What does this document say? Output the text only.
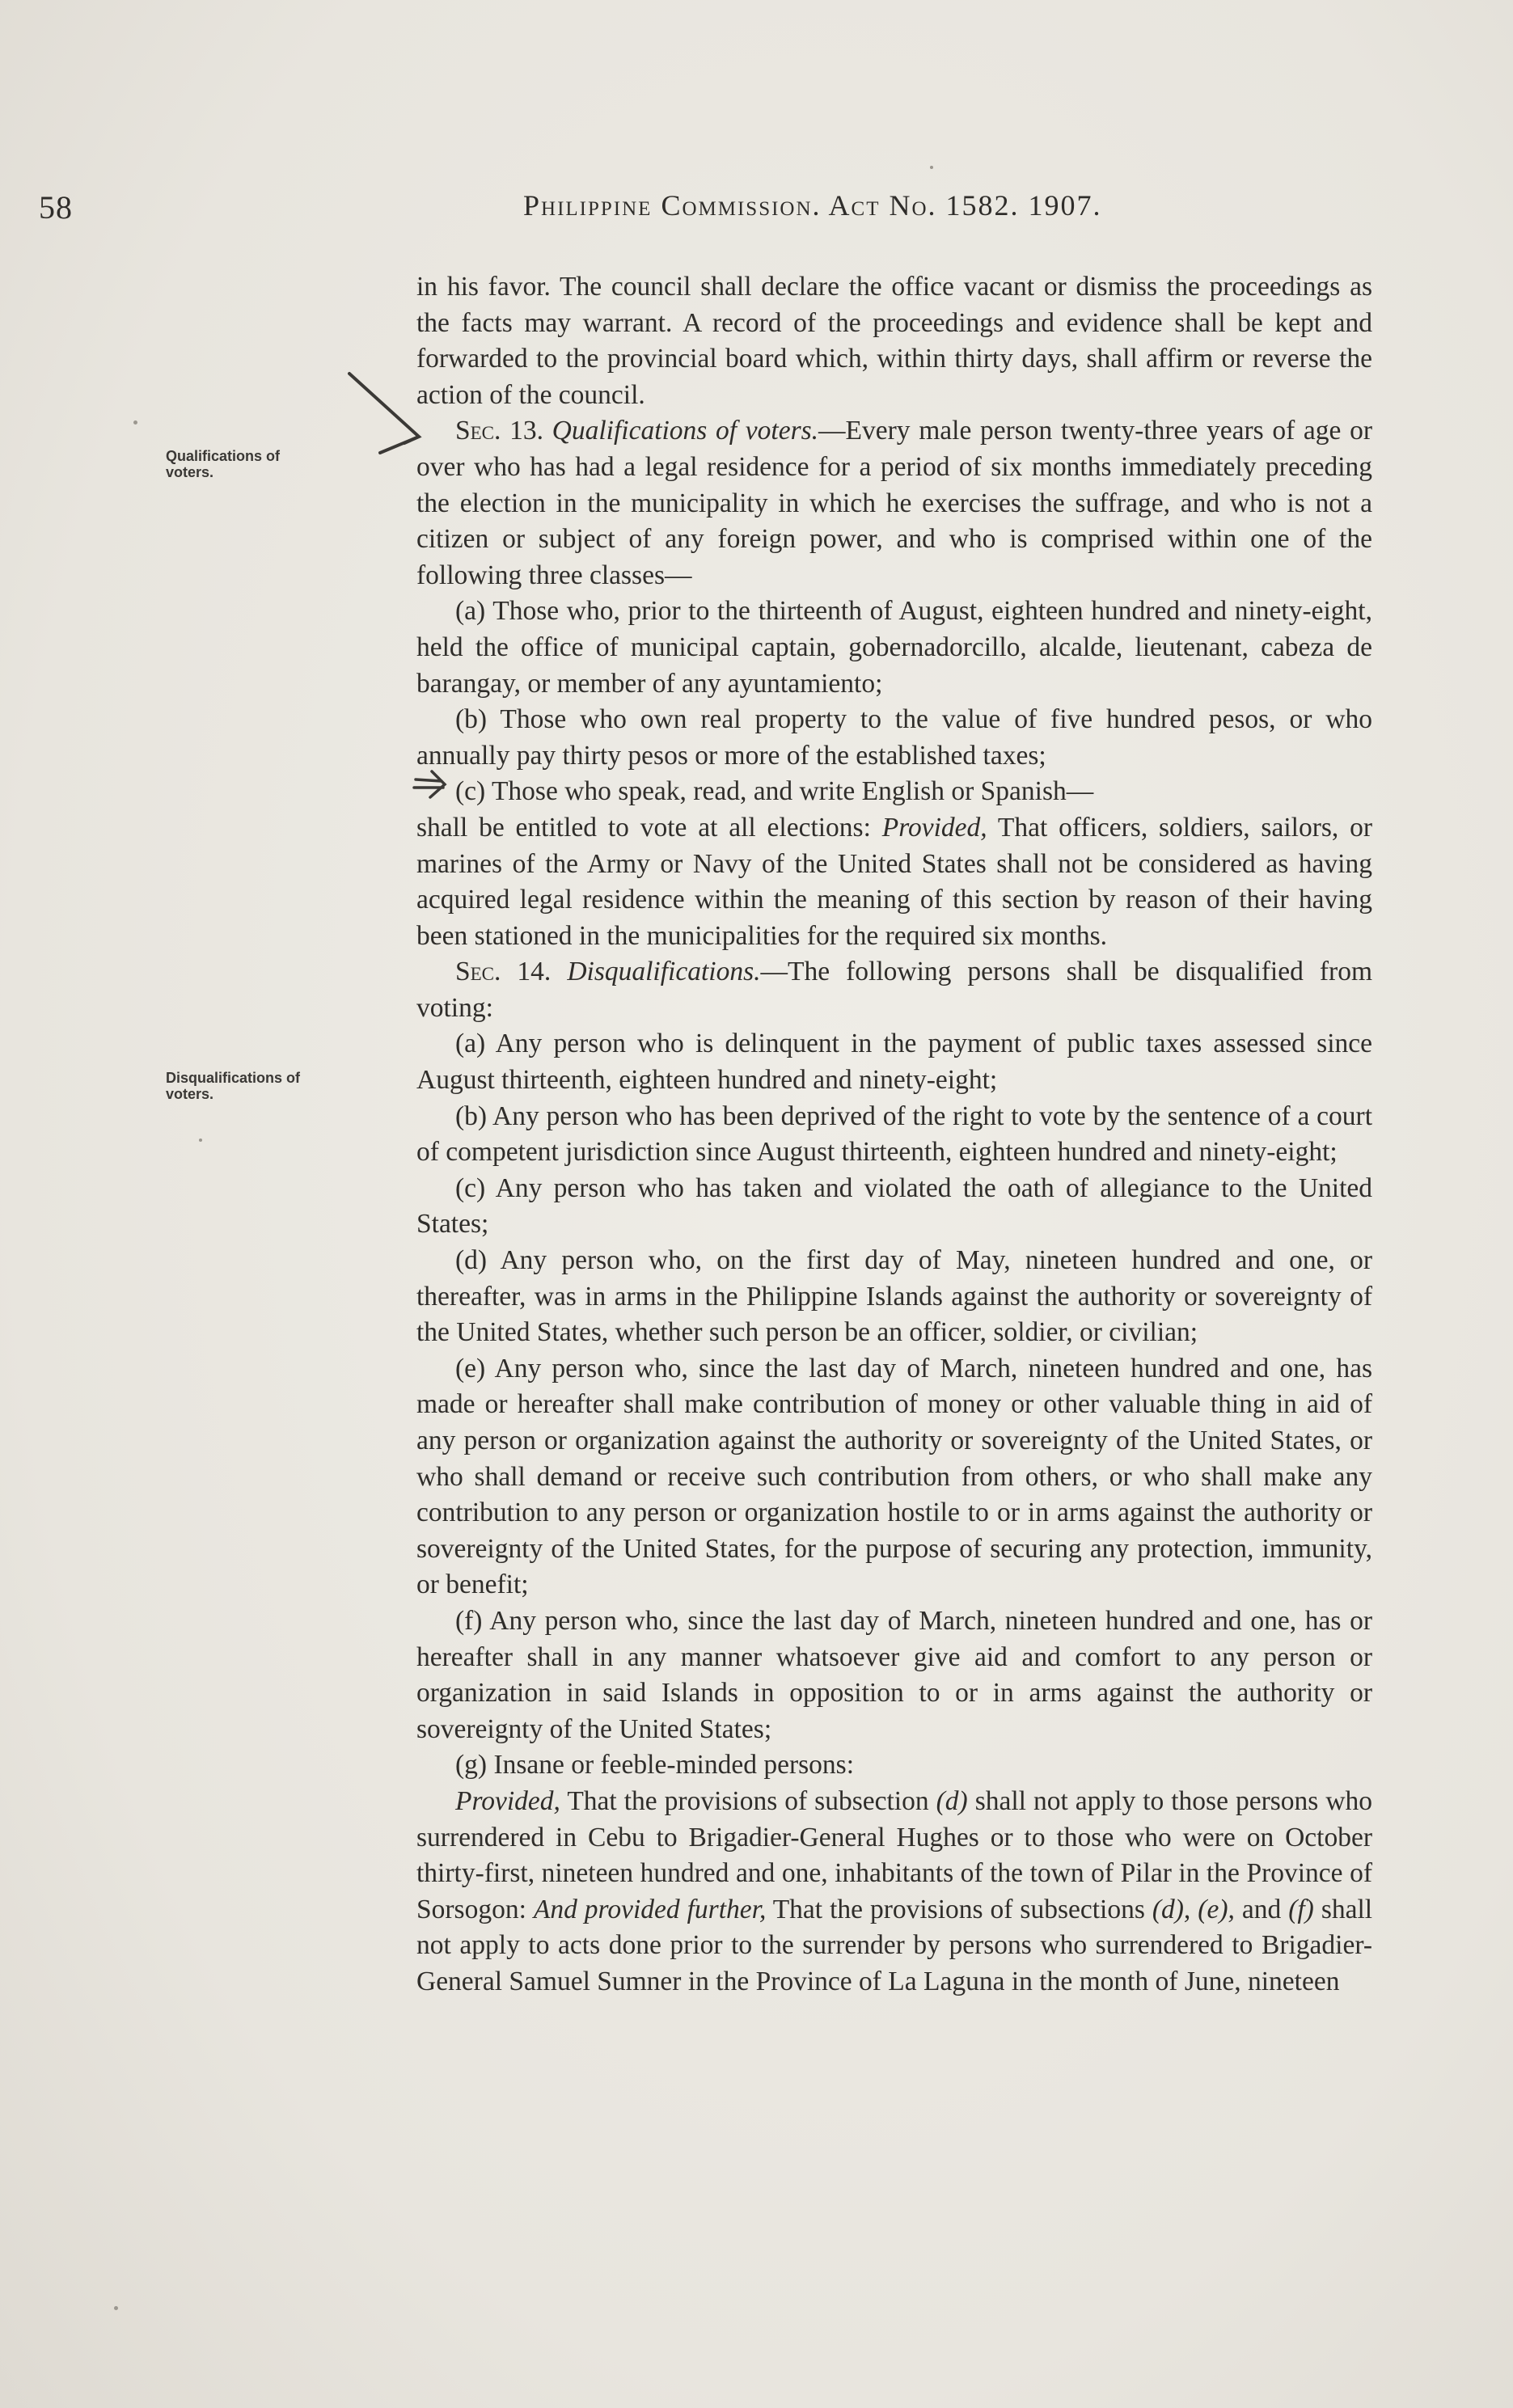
58	Philippine Commission. Act No. 1582. 1907.
Qualifications of
voters.
Disqualifications of
voters.

in his favor. The council shall declare the office vacant or dismiss the proceedings as the facts may warrant. A record of the proceedings and evidence shall be kept and forwarded to the provincial board which, within thirty days, shall affirm or reverse the action of the council.

Sec. 13. Qualifications of voters.—Every male person twenty-three years of age or over who has had a legal residence for a period of six months immediately preceding the election in the municipality in which he exercises the suffrage, and who is not a citizen or subject of any foreign power, and who is comprised within one of the following three classes—

(a) Those who, prior to the thirteenth of August, eighteen hundred and ninety-eight, held the office of municipal captain, gobernadorcillo, alcalde, lieutenant, cabeza de barangay, or member of any ayuntamiento;

(b) Those who own real property to the value of five hundred pesos, or who annually pay thirty pesos or more of the established taxes;

(c) Those who speak, read, and write English or Spanish—

shall be entitled to vote at all elections: Provided, That officers, soldiers, sailors, or marines of the Army or Navy of the United States shall not be considered as having acquired legal residence within the meaning of this section by reason of their having been stationed in the municipalities for the required six months.

Sec. 14. Disqualifications.—The following persons shall be disqualified from voting:

(a) Any person who is delinquent in the payment of public taxes assessed since August thirteenth, eighteen hundred and ninety-eight;

(b) Any person who has been deprived of the right to vote by the sentence of a court of competent jurisdiction since August thirteenth, eighteen hundred and ninety-eight;

(c) Any person who has taken and violated the oath of allegiance to the United States;

(d) Any person who, on the first day of May, nineteen hundred and one, or thereafter, was in arms in the Philippine Islands against the authority or sovereignty of the United States, whether such person be an officer, soldier, or civilian;

(e) Any person who, since the last day of March, nineteen hundred and one, has made or hereafter shall make contribution of money or other valuable thing in aid of any person or organization against the authority or sovereignty of the United States, or who shall demand or receive such contribution from others, or who shall make any contribution to any person or organization hostile to or in arms against the authority or sovereignty of the United States, for the purpose of securing any protection, immunity, or benefit;

(f) Any person who, since the last day of March, nineteen hundred and one, has or hereafter shall in any manner whatsoever give aid and comfort to any person or organization in said Islands in opposition to or in arms against the authority or sovereignty of the United States;

(g) Insane or feeble-minded persons:

Provided, That the provisions of subsection (d) shall not apply to those persons who surrendered in Cebu to Brigadier-General Hughes or to those who were on October thirty-first, nineteen hundred and one, inhabitants of the town of Pilar in the Province of Sorsogon: And provided further, That the provisions of subsections (d), (e), and (f) shall not apply to acts done prior to the surrender by persons who surrendered to Brigadier-General Samuel Sumner in the Province of La Laguna in the month of June, nineteen
